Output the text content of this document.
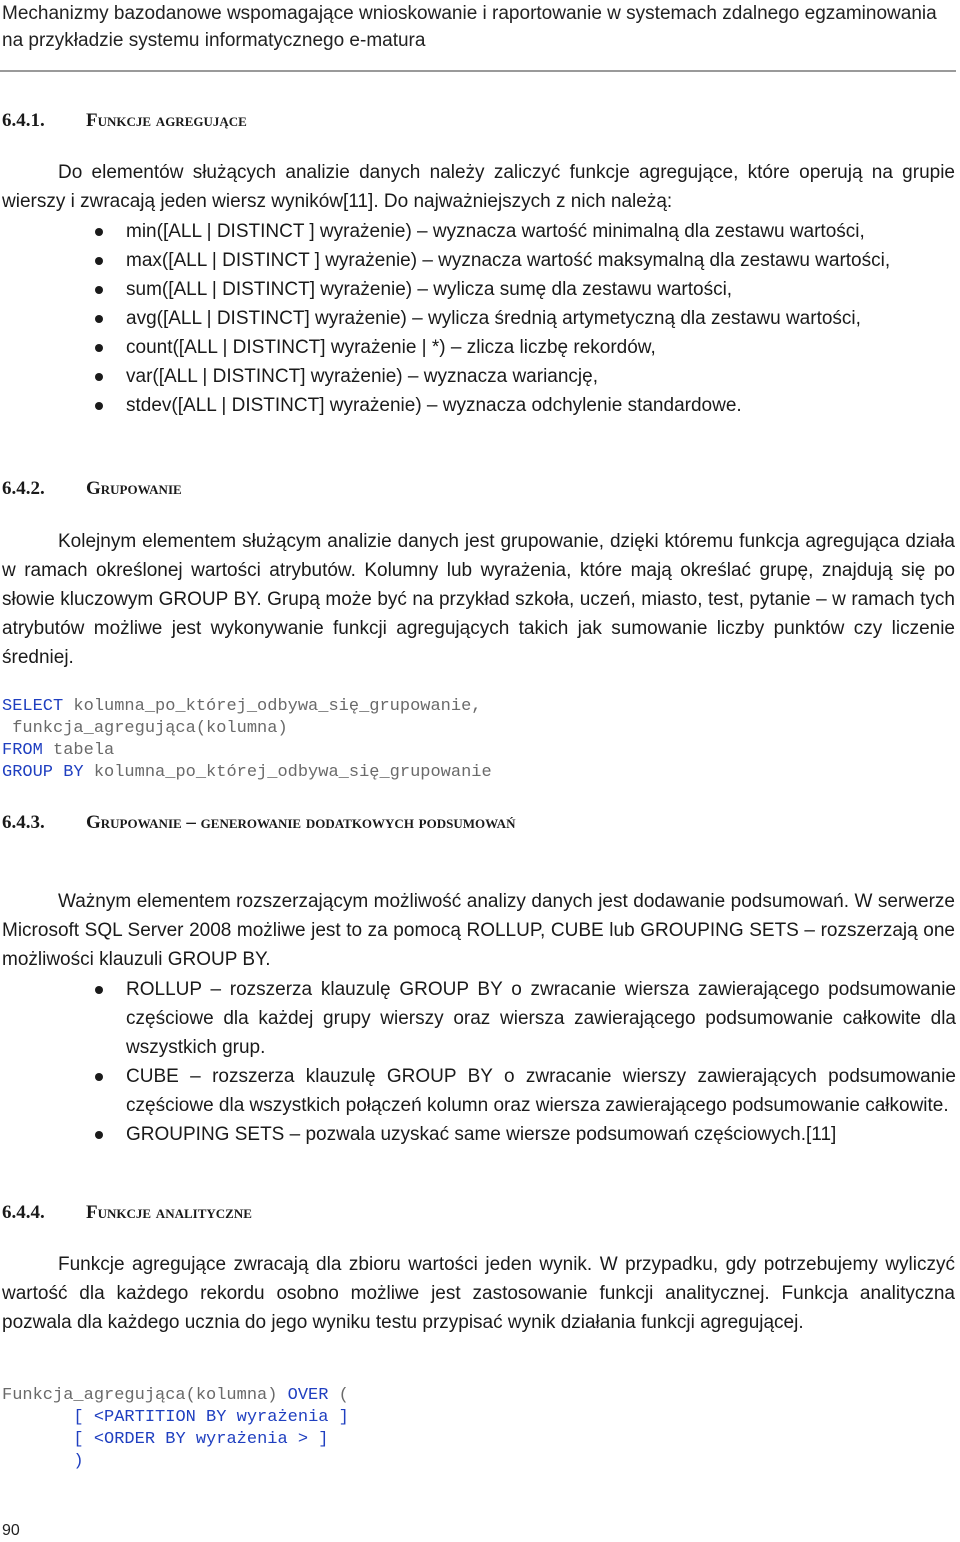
Mechanizmy bazodanowe wspomagające wnioskowanie i raportowanie w systemach zdalnego egzaminowania na przykładzie systemu informatycznego e-matura
6.4.1. Funkcje agregujące
Do elementów służących analizie danych należy zaliczyć funkcje agregujące, które operują na grupie wierszy i zwracają jeden wiersz wyników[11]. Do najważniejszych z nich należą:
min([ALL | DISTINCT ] wyrażenie) – wyznacza wartość minimalną dla zestawu wartości,
max([ALL | DISTINCT ] wyrażenie) – wyznacza wartość maksymalną dla zestawu wartości,
sum([ALL | DISTINCT] wyrażenie) – wylicza sumę dla zestawu wartości,
avg([ALL | DISTINCT] wyrażenie) – wylicza średnią artymetyczną dla zestawu wartości,
count([ALL | DISTINCT] wyrażenie | *) – zlicza liczbę rekordów,
var([ALL | DISTINCT] wyrażenie) – wyznacza wariancję,
stdev([ALL | DISTINCT] wyrażenie) – wyznacza odchylenie standardowe.
6.4.2. Grupowanie
Kolejnym elementem służącym analizie danych jest grupowanie, dzięki któremu funkcja agregująca działa w ramach określonej wartości atrybutów. Kolumny lub wyrażenia, które mają określać grupę, znajdują się po słowie kluczowym GROUP BY. Grupą może być na przykład szkoła, uczeń, miasto, test, pytanie – w ramach tych atrybutów możliwe jest wykonywanie funkcji agregujących takich jak sumowanie liczby punktów czy liczenie średniej.
SELECT kolumna_po_której_odbywa_się_grupowanie,
funkcja_agregująca(kolumna)
FROM tabela
GROUP BY kolumna_po_której_odbywa_się_grupowanie
6.4.3. Grupowanie – generowanie dodatkowych podsumowań
Ważnym elementem rozszerzającym możliwość analizy danych jest dodawanie podsumowań. W serwerze Microsoft SQL Server 2008 możliwe jest to za pomocą ROLLUP, CUBE lub GROUPING SETS – rozszerzają one możliwości klauzuli GROUP BY.
ROLLUP – rozszerza klauzulę GROUP BY o zwracanie wiersza zawierającego podsumowanie częściowe dla każdej grupy wierszy oraz wiersza zawierającego podsumowanie całkowite dla wszystkich grup.
CUBE – rozszerza klauzulę GROUP BY o zwracanie wierszy zawierających podsumowanie częściowe dla wszystkich połączeń kolumn oraz wiersza zawierającego podsumowanie całkowite.
GROUPING SETS – pozwala uzyskać same wiersze podsumowań częściowych.[11]
6.4.4. Funkcje analityczne
Funkcje agregujące zwracają dla zbioru wartości jeden wynik. W przypadku, gdy potrzebujemy wyliczyć wartość dla każdego rekordu osobno możliwe jest zastosowanie funkcji analitycznej. Funkcja analityczna pozwala dla każdego ucznia do jego wyniku testu przypisać wynik działania funkcji agregującej.
Funkcja_agregująca(kolumna) OVER (
[ <PARTITION BY wyrażenia ]
[ <ORDER BY wyrażenia > ]
)
90
